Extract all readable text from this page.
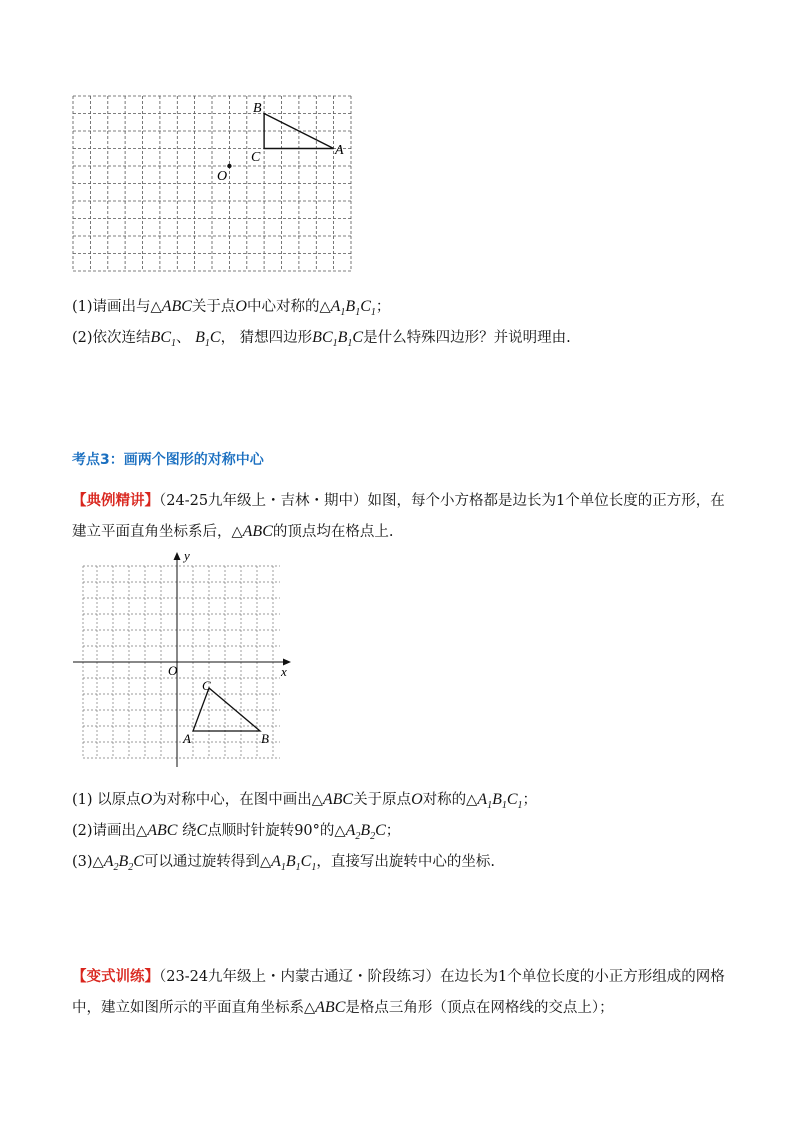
B
C	A
O
(1)请画出与△ABC关于点O中心对称的$\triangle A_1B_1C_1$；
(2)依次连结$BC_1$、 $B_1C$， 猜想四边形$BC_1B_1C$是什么特殊四边形？并说明理由.
考点3：画两个图形的对称中心
【典例精讲】（24-25九年级上・吉林・期中）如图，每个小方格都是边长为1个单位长度的正方形，在
建立平面直角坐标系后，△ABC的顶点均在格点上.
y
x
O
C
A	B
(1) 以原点O为对称中心，在图中画出△ABC关于原点O对称的$\triangle A_1B_1C_1$；
(2)请画出△ABC 绕C点顺时针旋转90°的$\triangle A_2B_2C$；
$(3)\triangle A_2B_2C$可以通过旋转得到$\triangle A_1B_1C_1$，直接写出旋转中心的坐标.
【变式训练】（23-24九年级上・内蒙古通辽・阶段练习）在边长为1个单位长度的小正方形组成的网格
中，建立如图所示的平面直角坐标系△ABC是格点三角形（顶点在网格线的交点上）；
